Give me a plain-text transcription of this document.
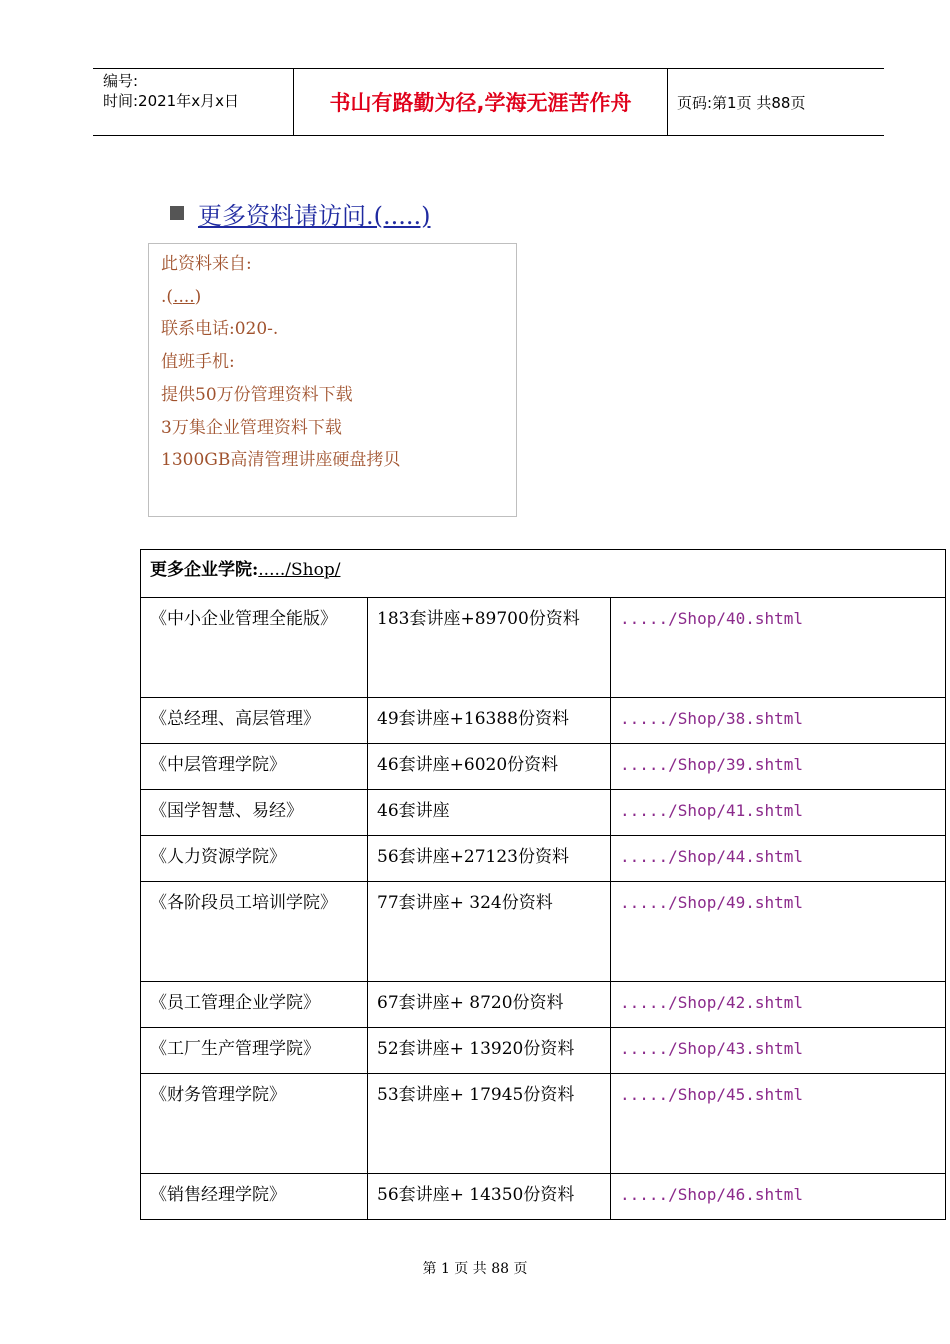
编号:
时间:2021年x月x日	书山有路勤为径,学海无涯苦作舟	页码:第1页 共88页
更多资料请访问.(.....)
此资料来自:
.(....)
联系电话:020-.
值班手机:
提供50万份管理资料下载
3万集企业管理资料下载
1300GB高清管理讲座硬盘拷贝
更多企业学院:...../Shop/		

《中小企业管理全能版》	183套讲座+89700份资料	...../Shop/40.shtml
《总经理、高层管理》	49套讲座+16388份资料	...../Shop/38.shtml
《中层管理学院》	46套讲座+6020份资料	...../Shop/39.shtml
《国学智慧、易经》	46套讲座	...../Shop/41.shtml
《人力资源学院》	56套讲座+27123份资料	...../Shop/44.shtml

《各阶段员工培训学院》	77套讲座+ 324份资料	...../Shop/49.shtml
《员工管理企业学院》	67套讲座+ 8720份资料	...../Shop/42.shtml
《工厂生产管理学院》	52套讲座+ 13920份资料	...../Shop/43.shtml
《财务管理学院》	53套讲座+ 17945份资料	...../Shop/45.shtml
《销售经理学院》	56套讲座+ 14350份资料	...../Shop/46.shtml
第 1 页 共 88 页
